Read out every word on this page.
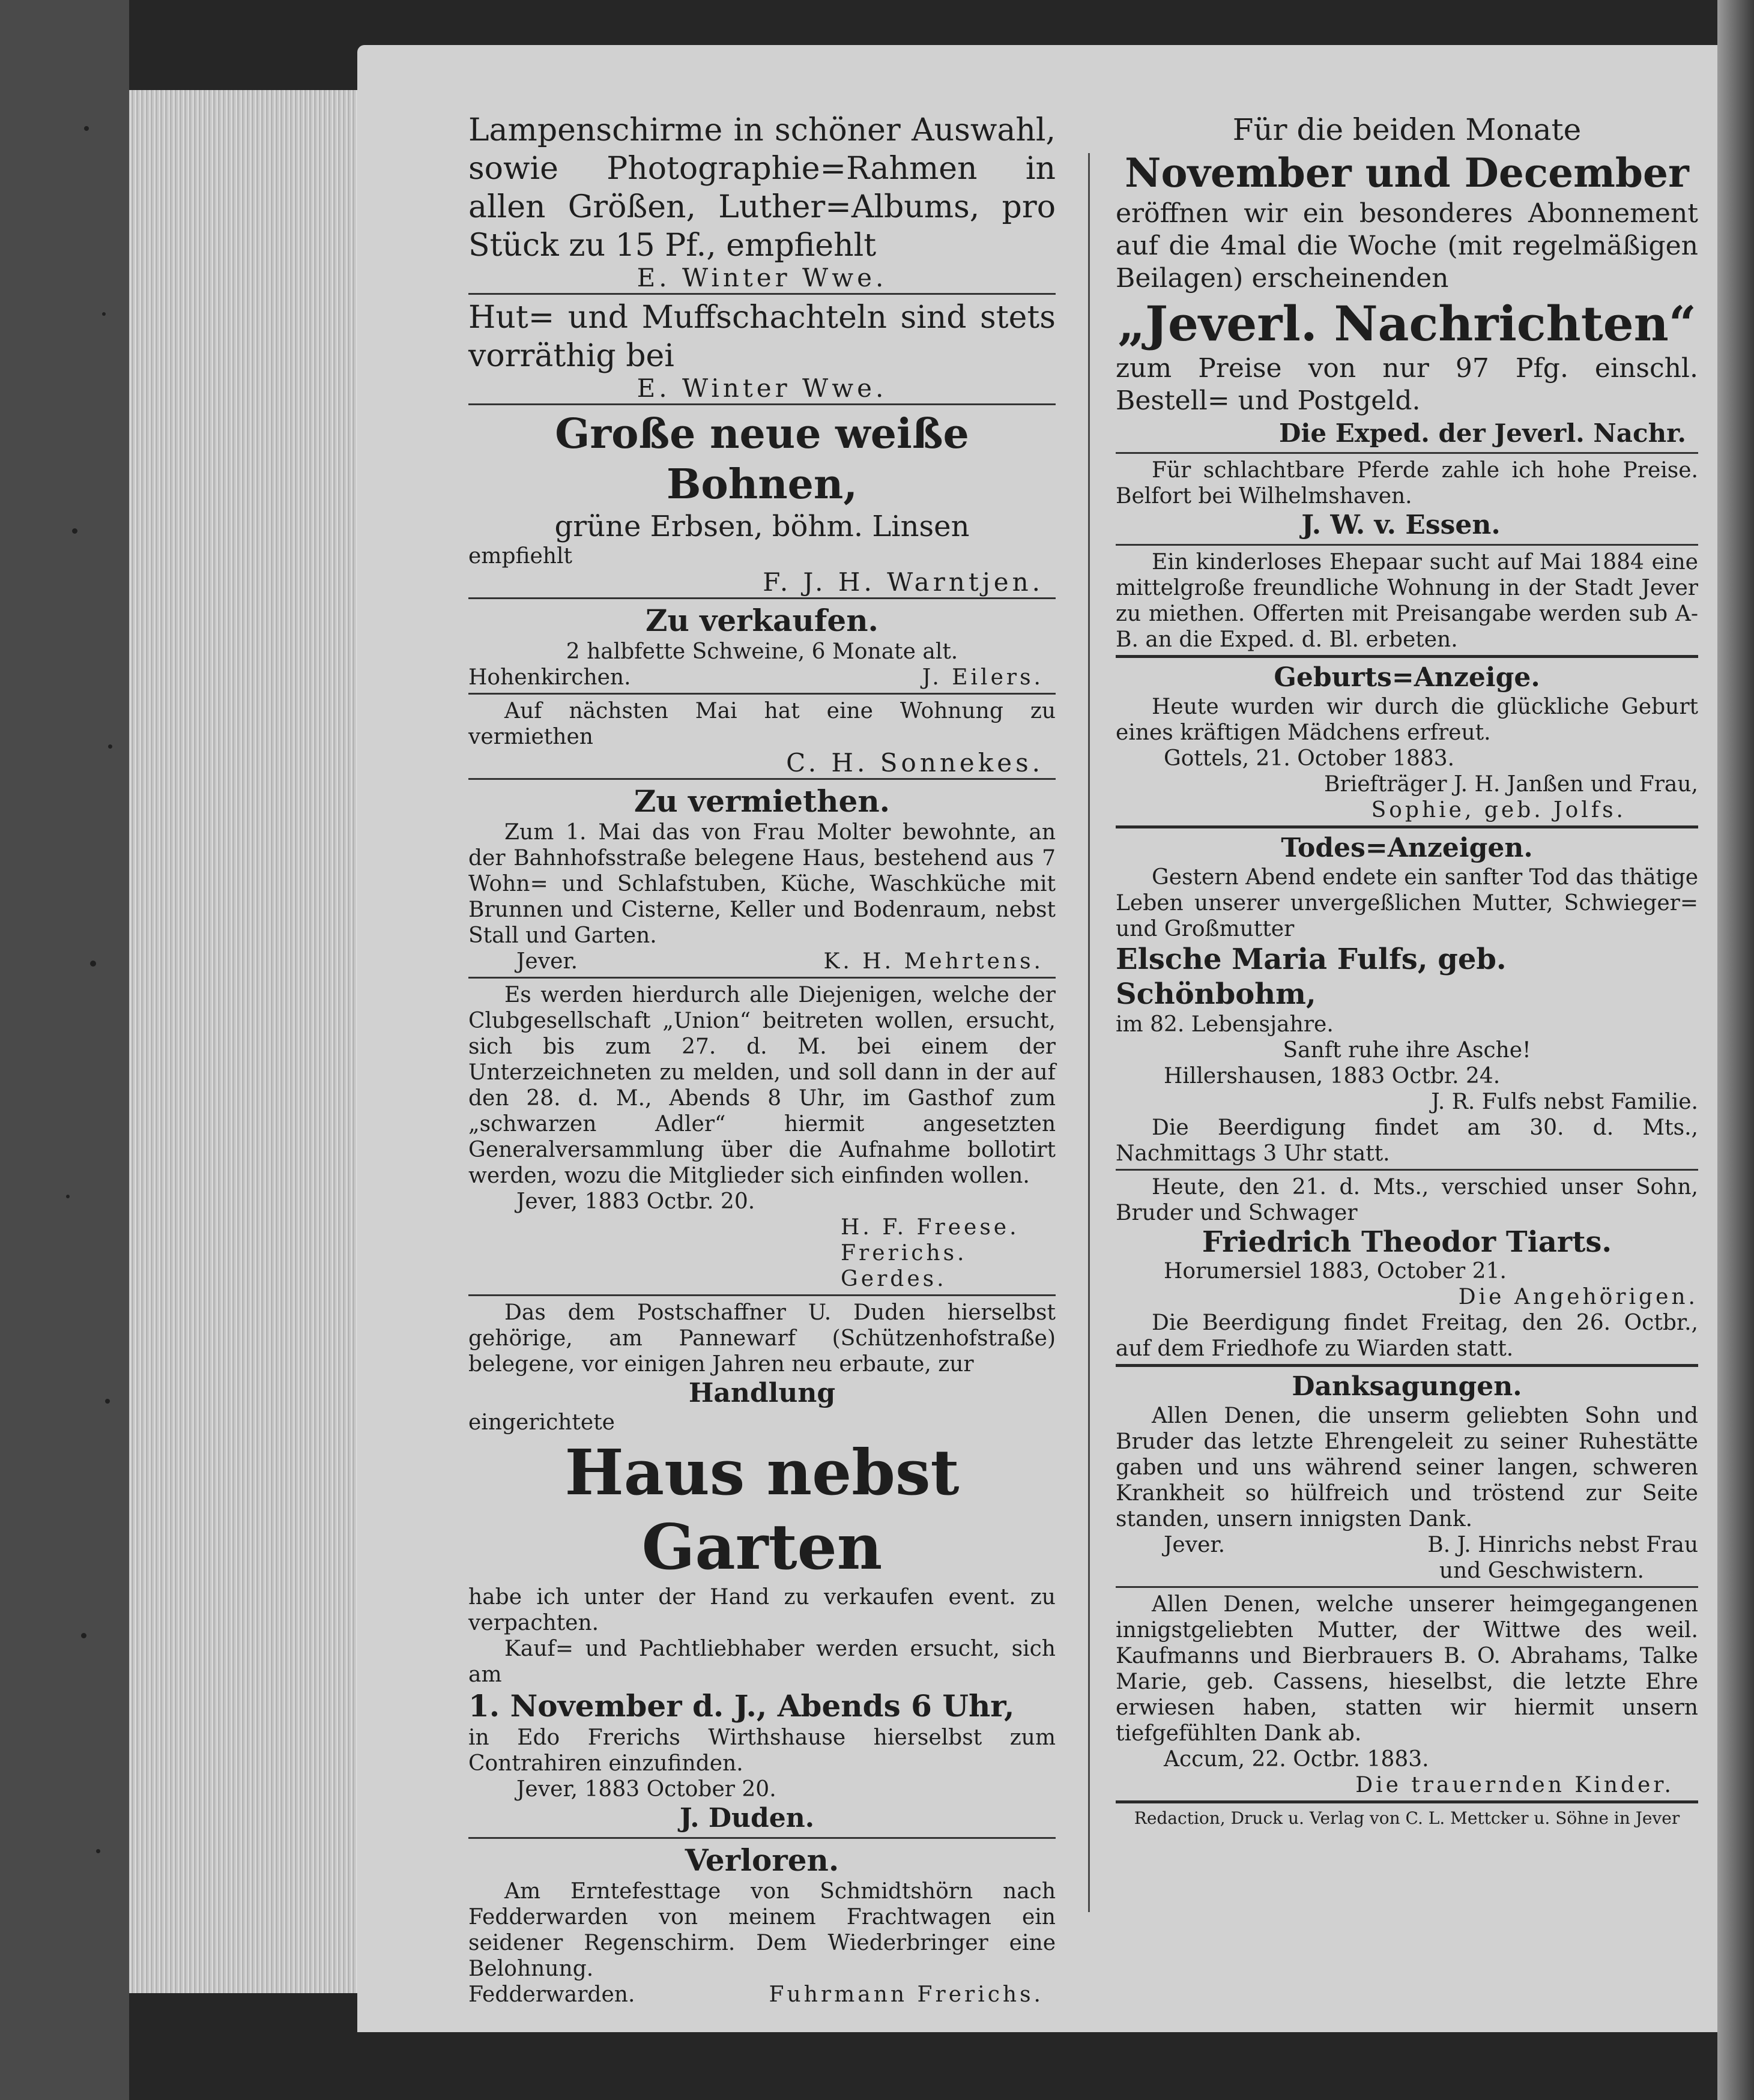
Lampenschirme in schöner Auswahl, sowie Photographie=Rahmen in allen Größen, Luther=Albums, pro Stück zu 15 Pf., empfiehlt
E. Winter Wwe.
Hut= und Muffschachteln sind stets vorräthig bei
E. Winter Wwe.
Große neue weiße Bohnen,
grüne Erbsen, böhm. Linsen
empfiehlt
F. J. H. Warntjen.
Zu verkaufen.
2 halbfette Schweine, 6 Monate alt.
Hohenkirchen.	J. Eilers.
Auf nächsten Mai hat eine Wohnung zu vermiethen
C. H. Sonnekes.
Zu vermiethen.
Zum 1. Mai das von Frau Molter bewohnte, an der Bahnhofsstraße belegene Haus, bestehend aus 7 Wohn= und Schlafstuben, Küche, Waschküche mit Brunnen und Cisterne, Keller und Bodenraum, nebst Stall und Garten.
Jever.	K. H. Mehrtens.
Es werden hierdurch alle Diejenigen, welche der Clubgesellschaft „Union“ beitreten wollen, ersucht, sich bis zum 27. d. M. bei einem der Unterzeichneten zu melden, und soll dann in der auf den 28. d. M., Abends 8 Uhr, im Gasthof zum „schwarzen Adler“ hiermit angesetzten Generalversammlung über die Aufnahme bollotirt werden, wozu die Mitglieder sich einfinden wollen.
Jever, 1883 Octbr. 20.
H. F. Freese.
Frerichs.
Gerdes.
Das dem Postschaffner U. Duden hierselbst gehörige, am Pannewarf (Schützenhofstraße) belegene, vor einigen Jahren neu erbaute, zur
Handlung
eingerichtete
Haus nebst Garten
habe ich unter der Hand zu verkaufen event. zu verpachten.
Kauf= und Pachtliebhaber werden ersucht, sich am
1. November d. J., Abends 6 Uhr,
in Edo Frerichs Wirthshause hierselbst zum Contrahiren einzufinden.
Jever, 1883 October 20.
J. Duden.
Verloren.
Am Erntefesttage von Schmidtshörn nach Fedderwarden von meinem Frachtwagen ein seidener Regenschirm. Dem Wiederbringer eine Belohnung.
Fedderwarden.	Fuhrmann Frerichs.
Für die beiden Monate
November und December
eröffnen wir ein besonderes Abonnement auf die 4mal die Woche (mit regelmäßigen Beilagen) erscheinenden
„Jeverl. Nachrichten“
zum Preise von nur 97 Pfg. einschl. Bestell= und Postgeld.
Die Exped. der Jeverl. Nachr.
Für schlachtbare Pferde zahle ich hohe Preise. Belfort bei Wilhelmshaven.
J. W. v. Essen.
Ein kinderloses Ehepaar sucht auf Mai 1884 eine mittelgroße freundliche Wohnung in der Stadt Jever zu miethen. Offerten mit Preisangabe werden sub A-B. an die Exped. d. Bl. erbeten.
Geburts=Anzeige.
Heute wurden wir durch die glückliche Geburt eines kräftigen Mädchens erfreut.
Gottels, 21. October 1883.
Briefträger J. H. Janßen und Frau,
Sophie, geb. Jolfs.
Todes=Anzeigen.
Gestern Abend endete ein sanfter Tod das thätige Leben unserer unvergeßlichen Mutter, Schwieger= und Großmutter
Elsche Maria Fulfs, geb. Schönbohm,
im 82. Lebensjahre.
Sanft ruhe ihre Asche!
Hillershausen, 1883 Octbr. 24.
J. R. Fulfs nebst Familie.
Die Beerdigung findet am 30. d. Mts., Nachmittags 3 Uhr statt.
Heute, den 21. d. Mts., verschied unser Sohn, Bruder und Schwager
Friedrich Theodor Tiarts.
Horumersiel 1883, October 21.
Die Angehörigen.
Die Beerdigung findet Freitag, den 26. Octbr., auf dem Friedhofe zu Wiarden statt.
Danksagungen.
Allen Denen, die unserm geliebten Sohn und Bruder das letzte Ehrengeleit zu seiner Ruhestätte gaben und uns während seiner langen, schweren Krankheit so hülfreich und tröstend zur Seite standen, unsern innigsten Dank.
Jever.	B. J. Hinrichs nebst Frau
und Geschwistern.
Allen Denen, welche unserer heimgegangenen innigstgeliebten Mutter, der Wittwe des weil. Kaufmanns und Bierbrauers B. O. Abrahams, Talke Marie, geb. Cassens, hieselbst, die letzte Ehre erwiesen haben, statten wir hiermit unsern tiefgefühlten Dank ab.
Accum, 22. Octbr. 1883.
Die trauernden Kinder.
Redaction, Druck u. Verlag von C. L. Mettcker u. Söhne in Jever
